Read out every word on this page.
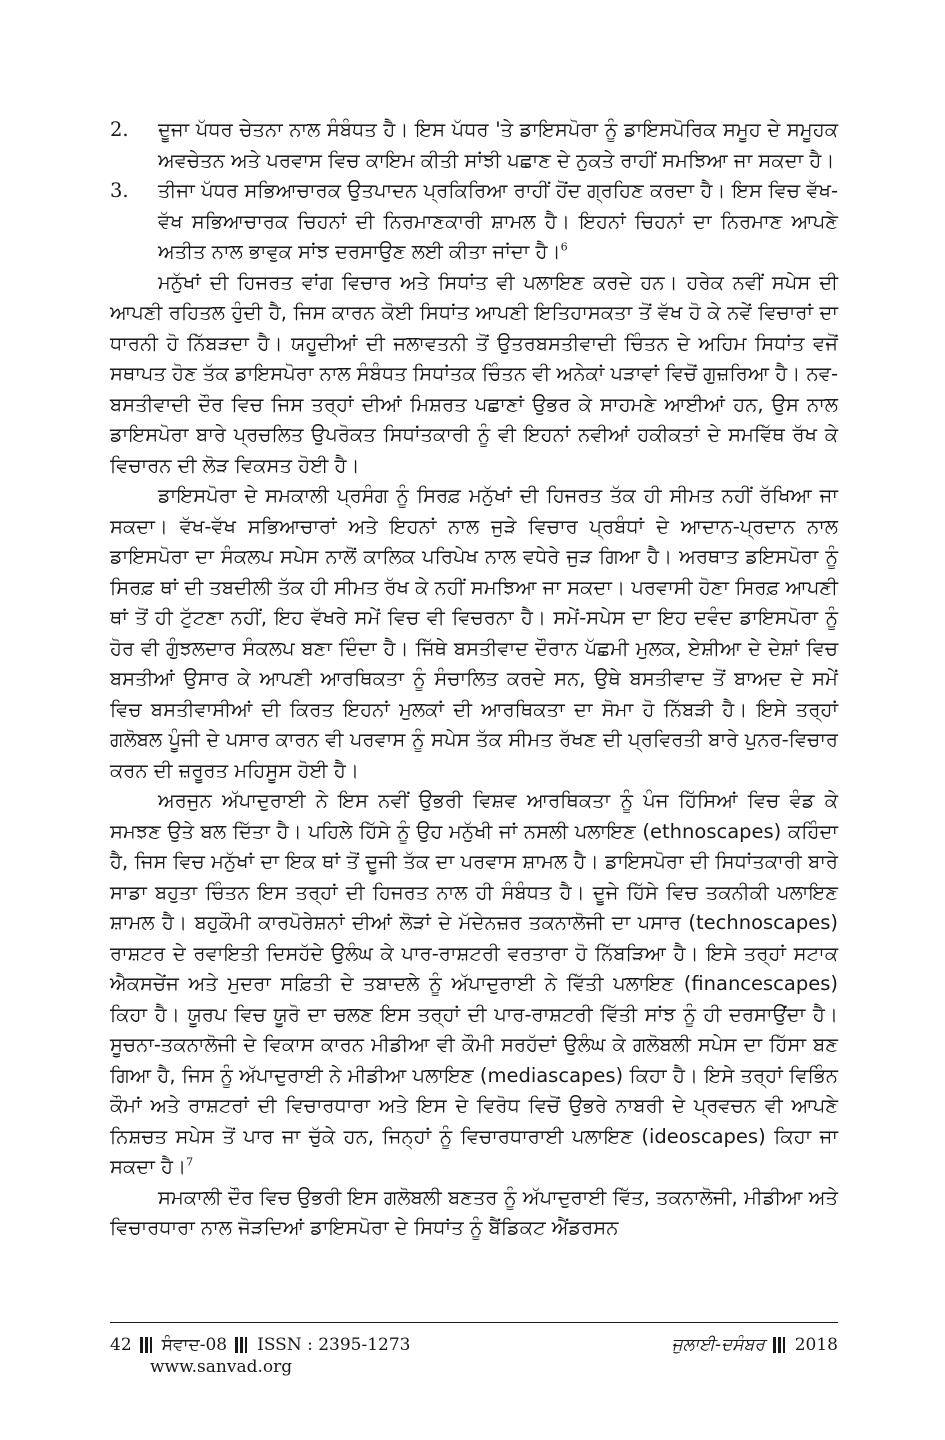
2.	ਦੂਜਾ ਪੱਧਰ ਚੇਤਨਾ ਨਾਲ ਸੰਬੰਧਤ ਹੈ। ਇਸ ਪੱਧਰ 'ਤੇ ਡਾਇਸਪੋਰਾ ਨੂੰ ਡਾਇਸਪੋਰਿਕ ਸਮੂਹ ਦੇ ਸਮੂਹਕ ਅਵਚੇਤਨ ਅਤੇ ਪਰਵਾਸ ਵਿਚ ਕਾਇਮ ਕੀਤੀ ਸਾਂਝੀ ਪਛਾਣ ਦੇ ਨੁਕਤੇ ਰਾਹੀਂ ਸਮਝਿਆ ਜਾ ਸਕਦਾ ਹੈ।
3.	ਤੀਜਾ ਪੱਧਰ ਸਭਿਆਚਾਰਕ ਉਤਪਾਦਨ ਪ੍ਰਕਿਰਿਆ ਰਾਹੀਂ ਹੋਂਦ ਗ੍ਰਹਿਣ ਕਰਦਾ ਹੈ। ਇਸ ਵਿਚ ਵੱਖ-ਵੱਖ ਸਭਿਆਚਾਰਕ ਚਿਹਨਾਂ ਦੀ ਨਿਰਮਾਣਕਾਰੀ ਸ਼ਾਮਲ ਹੈ। ਇਹਨਾਂ ਚਿਹਨਾਂ ਦਾ ਨਿਰਮਾਣ ਆਪਣੇ ਅਤੀਤ ਨਾਲ ਭਾਵੁਕ ਸਾਂਝ ਦਰਸਾਉਣ ਲਈ ਕੀਤਾ ਜਾਂਦਾ ਹੈ।$^6$

ਮਨੁੱਖਾਂ ਦੀ ਹਿਜਰਤ ਵਾਂਗ ਵਿਚਾਰ ਅਤੇ ਸਿਧਾਂਤ ਵੀ ਪਲਾਇਣ ਕਰਦੇ ਹਨ। ਹਰੇਕ ਨਵੀਂ ਸਪੇਸ ਦੀ ਆਪਣੀ ਰਹਿਤਲ ਹੁੰਦੀ ਹੈ, ਜਿਸ ਕਾਰਨ ਕੋਈ ਸਿਧਾਂਤ ਆਪਣੀ ਇਤਿਹਾਸਕਤਾ ਤੋਂ ਵੱਖ ਹੋ ਕੇ ਨਵੇਂ ਵਿਚਾਰਾਂ ਦਾ ਧਾਰਨੀ ਹੋ ਨਿੱਬੜਦਾ ਹੈ। ਯਹੂਦੀਆਂ ਦੀ ਜਲਾਵਤਨੀ ਤੋਂ ਉਤਰਬਸਤੀਵਾਦੀ ਚਿੰਤਨ ਦੇ ਅਹਿਮ ਸਿਧਾਂਤ ਵਜੋਂ ਸਥਾਪਤ ਹੋਣ ਤੱਕ ਡਾਇਸਪੋਰਾ ਨਾਲ ਸੰਬੰਧਤ ਸਿਧਾਂਤਕ ਚਿੰਤਨ ਵੀ ਅਨੇਕਾਂ ਪੜਾਵਾਂ ਵਿਚੋਂ ਗੁਜ਼ਰਿਆ ਹੈ। ਨਵ-ਬਸਤੀਵਾਦੀ ਦੌਰ ਵਿਚ ਜਿਸ ਤਰ੍ਹਾਂ ਦੀਆਂ ਮਿਸ਼ਰਤ ਪਛਾਣਾਂ ਉਭਰ ਕੇ ਸਾਹਮਣੇ ਆਈਆਂ ਹਨ, ਉਸ ਨਾਲ ਡਾਇਸਪੋਰਾ ਬਾਰੇ ਪ੍ਰਚਲਿਤ ਉਪਰੋਕਤ ਸਿਧਾਂਤਕਾਰੀ ਨੂੰ ਵੀ ਇਹਨਾਂ ਨਵੀਆਂ ਹਕੀਕਤਾਂ ਦੇ ਸਮਵਿੱਥ ਰੱਖ ਕੇ ਵਿਚਾਰਨ ਦੀ ਲੋੜ ਵਿਕਸਤ ਹੋਈ ਹੈ।

ਡਾਇਸਪੋਰਾ ਦੇ ਸਮਕਾਲੀ ਪ੍ਰਸੰਗ ਨੂੰ ਸਿਰਫ਼ ਮਨੁੱਖਾਂ ਦੀ ਹਿਜਰਤ ਤੱਕ ਹੀ ਸੀਮਤ ਨਹੀਂ ਰੱਖਿਆ ਜਾ ਸਕਦਾ। ਵੱਖ-ਵੱਖ ਸਭਿਆਚਾਰਾਂ ਅਤੇ ਇਹਨਾਂ ਨਾਲ ਜੁੜੇ ਵਿਚਾਰ ਪ੍ਰਬੰਧਾਂ ਦੇ ਆਦਾਨ-ਪ੍ਰਦਾਨ ਨਾਲ ਡਾਇਸਪੋਰਾ ਦਾ ਸੰਕਲਪ ਸਪੇਸ ਨਾਲੋਂ ਕਾਲਿਕ ਪਰਿਪੇਖ ਨਾਲ ਵਧੇਰੇ ਜੁੜ ਗਿਆ ਹੈ। ਅਰਥਾਤ ਡਇਸਪੋਰਾ ਨੂੰ ਸਿਰਫ਼ ਥਾਂ ਦੀ ਤਬਦੀਲੀ ਤੱਕ ਹੀ ਸੀਮਤ ਰੱਖ ਕੇ ਨਹੀਂ ਸਮਝਿਆ ਜਾ ਸਕਦਾ। ਪਰਵਾਸੀ ਹੋਣਾ ਸਿਰਫ਼ ਆਪਣੀ ਥਾਂ ਤੋਂ ਹੀ ਟੁੱਟਣਾ ਨਹੀਂ, ਇਹ ਵੱਖਰੇ ਸਮੇਂ ਵਿਚ ਵੀ ਵਿਚਰਨਾ ਹੈ। ਸਮੇਂ-ਸਪੇਸ ਦਾ ਇਹ ਦਵੰਦ ਡਾਇਸਪੋਰਾ ਨੂੰ ਹੋਰ ਵੀ ਗੁੰਝਲਦਾਰ ਸੰਕਲਪ ਬਣਾ ਦਿੰਦਾ ਹੈ। ਜਿੱਥੇ ਬਸਤੀਵਾਦ ਦੌਰਾਨ ਪੱਛਮੀ ਮੁਲਕ, ਏਸ਼ੀਆ ਦੇ ਦੇਸ਼ਾਂ ਵਿਚ ਬਸਤੀਆਂ ਉਸਾਰ ਕੇ ਆਪਣੀ ਆਰਥਿਕਤਾ ਨੂੰ ਸੰਚਾਲਿਤ ਕਰਦੇ ਸਨ, ਉਥੇ ਬਸਤੀਵਾਦ ਤੋਂ ਬਾਅਦ ਦੇ ਸਮੇਂ ਵਿਚ ਬਸਤੀਵਾਸੀਆਂ ਦੀ ਕਿਰਤ ਇਹਨਾਂ ਮੁਲਕਾਂ ਦੀ ਆਰਥਿਕਤਾ ਦਾ ਸੋਮਾ ਹੋ ਨਿੱਬੜੀ ਹੈ। ਇਸੇ ਤਰ੍ਹਾਂ ਗਲੋਬਲ ਪੂੰਜੀ ਦੇ ਪਸਾਰ ਕਾਰਨ ਵੀ ਪਰਵਾਸ ਨੂੰ ਸਪੇਸ ਤੱਕ ਸੀਮਤ ਰੱਖਣ ਦੀ ਪ੍ਰਵਿਰਤੀ ਬਾਰੇ ਪੁਨਰ-ਵਿਚਾਰ ਕਰਨ ਦੀ ਜ਼ਰੂਰਤ ਮਹਿਸੂਸ ਹੋਈ ਹੈ।

ਅਰਜੁਨ ਅੱਪਾਦੁਰਾਈ ਨੇ ਇਸ ਨਵੀਂ ਉਭਰੀ ਵਿਸ਼ਵ ਆਰਥਿਕਤਾ ਨੂੰ ਪੰਜ ਹਿੱਸਿਆਂ ਵਿਚ ਵੰਡ ਕੇ ਸਮਝਣ ਉਤੇ ਬਲ ਦਿੱਤਾ ਹੈ। ਪਹਿਲੇ ਹਿੱਸੇ ਨੂੰ ਉਹ ਮਨੁੱਖੀ ਜਾਂ ਨਸਲੀ ਪਲਾਇਣ (ethnoscapes) ਕਹਿੰਦਾ ਹੈ, ਜਿਸ ਵਿਚ ਮਨੁੱਖਾਂ ਦਾ ਇਕ ਥਾਂ ਤੋਂ ਦੂਜੀ ਤੱਕ ਦਾ ਪਰਵਾਸ ਸ਼ਾਮਲ ਹੈ। ਡਾਇਸਪੋਰਾ ਦੀ ਸਿਧਾਂਤਕਾਰੀ ਬਾਰੇ ਸਾਡਾ ਬਹੁਤਾ ਚਿੰਤਨ ਇਸ ਤਰ੍ਹਾਂ ਦੀ ਹਿਜਰਤ ਨਾਲ ਹੀ ਸੰਬੰਧਤ ਹੈ। ਦੂਜੇ ਹਿੱਸੇ ਵਿਚ ਤਕਨੀਕੀ ਪਲਾਇਣ ਸ਼ਾਮਲ ਹੈ। ਬਹੁਕੌਮੀ ਕਾਰਪੋਰੇਸ਼ਨਾਂ ਦੀਆਂ ਲੋੜਾਂ ਦੇ ਮੱਦੇਨਜ਼ਰ ਤਕਨਾਲੋਜੀ ਦਾ ਪਸਾਰ (technoscapes) ਰਾਸ਼ਟਰ ਦੇ ਰਵਾਇਤੀ ਦਿਸਹੱਦੇ ਉਲੰਘ ਕੇ ਪਾਰ-ਰਾਸ਼ਟਰੀ ਵਰਤਾਰਾ ਹੋ ਨਿੱਬੜਿਆ ਹੈ। ਇਸੇ ਤਰ੍ਹਾਂ ਸਟਾਕ ਐਕਸਚੇਂਜ ਅਤੇ ਮੁਦਰਾ ਸਫ਼ਿਤੀ ਦੇ ਤਬਾਦਲੇ ਨੂੰ ਅੱਪਾਦੁਰਾਈ ਨੇ ਵਿੱਤੀ ਪਲਾਇਣ (financescapes) ਕਿਹਾ ਹੈ। ਯੂਰਪ ਵਿਚ ਯੂਰੋ ਦਾ ਚਲਣ ਇਸ ਤਰ੍ਹਾਂ ਦੀ ਪਾਰ-ਰਾਸ਼ਟਰੀ ਵਿੱਤੀ ਸਾਂਝ ਨੂੰ ਹੀ ਦਰਸਾਉਂਦਾ ਹੈ। ਸੂਚਨਾ-ਤਕਨਾਲੋਜੀ ਦੇ ਵਿਕਾਸ ਕਾਰਨ ਮੀਡੀਆ ਵੀ ਕੌਮੀ ਸਰਹੱਦਾਂ ਉਲੰਘ ਕੇ ਗਲੋਬਲੀ ਸਪੇਸ ਦਾ ਹਿੱਸਾ ਬਣ ਗਿਆ ਹੈ, ਜਿਸ ਨੂੰ ਅੱਪਾਦੁਰਾਈ ਨੇ ਮੀਡੀਆ ਪਲਾਇਣ (mediascapes) ਕਿਹਾ ਹੈ। ਇਸੇ ਤਰ੍ਹਾਂ ਵਿਭਿੰਨ ਕੌਮਾਂ ਅਤੇ ਰਾਸ਼ਟਰਾਂ ਦੀ ਵਿਚਾਰਧਾਰਾ ਅਤੇ ਇਸ ਦੇ ਵਿਰੋਧ ਵਿਚੋਂ ਉਭਰੇ ਨਾਬਰੀ ਦੇ ਪ੍ਰਵਚਨ ਵੀ ਆਪਣੇ ਨਿਸ਼ਚਤ ਸਪੇਸ ਤੋਂ ਪਾਰ ਜਾ ਚੁੱਕੇ ਹਨ, ਜਿਨ੍ਹਾਂ ਨੂੰ ਵਿਚਾਰਧਾਰਾਈ ਪਲਾਇਣ (ideoscapes) ਕਿਹਾ ਜਾ ਸਕਦਾ ਹੈ।$^7$

ਸਮਕਾਲੀ ਦੌਰ ਵਿਚ ਉਭਰੀ ਇਸ ਗਲੋਬਲੀ ਬਣਤਰ ਨੂੰ ਅੱਪਾਦੁਰਾਈ ਵਿੱਤ, ਤਕਨਾਲੋਜੀ, ਮੀਡੀਆ ਅਤੇ ਵਿਚਾਰਧਾਰਾ ਨਾਲ ਜੋੜਦਿਆਂ ਡਾਇਸਪੋਰਾ ਦੇ ਸਿਧਾਂਤ ਨੂੰ ਬੈਂਡਿਕਟ ਐਂਡਰਸਨ

42 ਸੰਵਾਦ-08 ISSN : 2395-1273	ਜੁਲਾਈ-ਦਸੰਬਰ 2018
www.sanvad.org
